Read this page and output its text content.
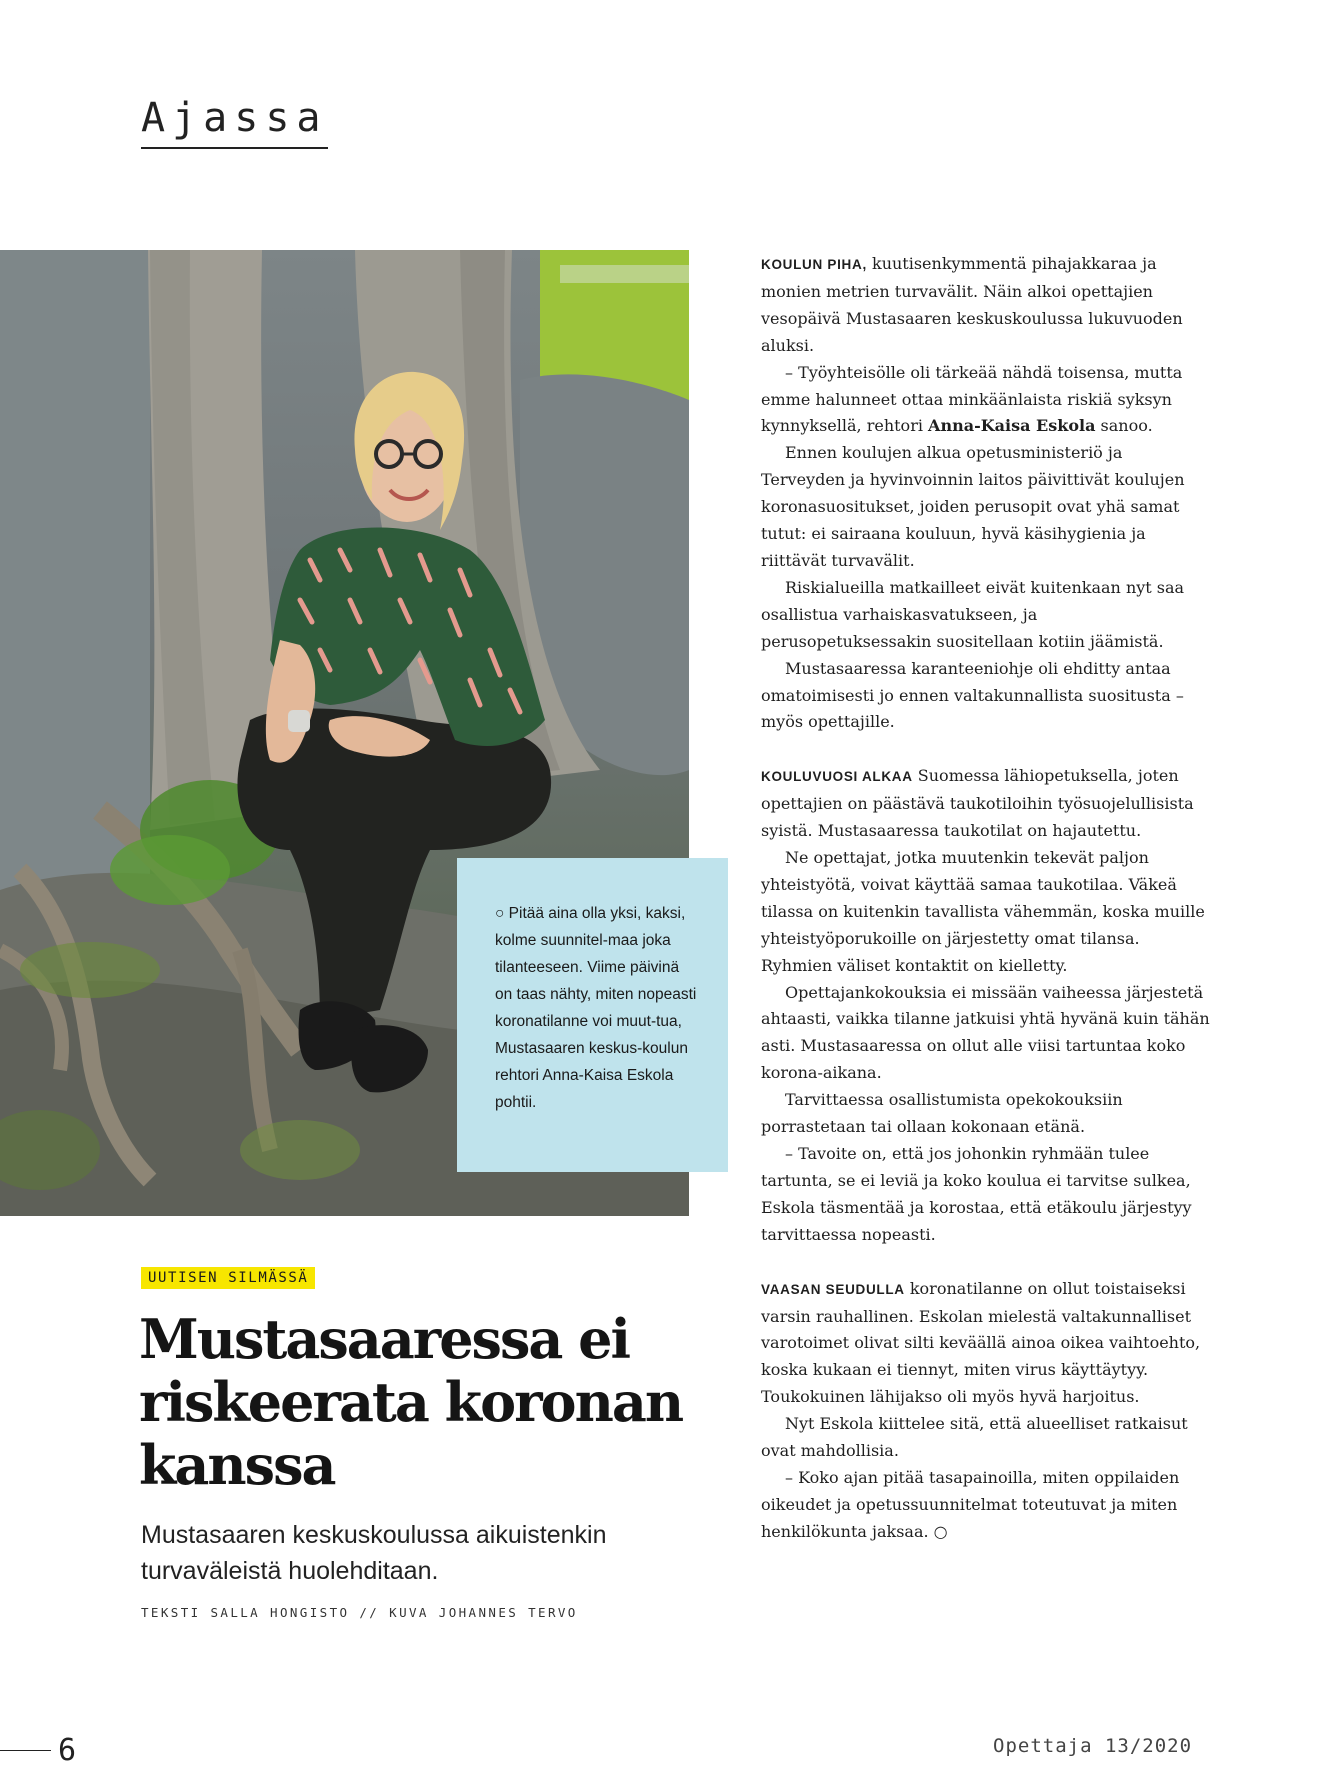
Ajassa
○ Pitää aina olla yksi, kaksi, kolme suunnitel-maa joka tilanteeseen. Viime päivinä on taas nähty, miten nopeasti koronatilanne voi muut-tua, Mustasaaren keskus-koulun rehtori Anna-Kaisa Eskola pohtii.
UUTISEN SILMÄSSÄ
Mustasaaressa ei riskeerata koronan kanssa
Mustasaaren keskuskoulussa aikuistenkin turvaväleistä huolehditaan.
TEKSTI SALLA HONGISTO // KUVA JOHANNES TERVO

KOULUN PIHA, kuutisenkymmentä pihajakkaraa ja monien metrien turvavälit. Näin alkoi opettajien vesopäivä Mustasaaren keskuskoulussa lukuvuoden aluksi.

– Työyhteisölle oli tärkeää nähdä toisensa, mutta emme halunneet ottaa minkäänlaista riskiä syksyn kynnyksellä, rehtori Anna-Kaisa Eskola sanoo.

Ennen koulujen alkua opetusministeriö ja Terveyden ja hyvinvoinnin laitos päivittivät koulujen koronasuositukset, joiden perusopit ovat yhä samat tutut: ei sairaana kouluun, hyvä käsihygienia ja riittävät turvavälit.

Riskialueilla matkailleet eivät kuitenkaan nyt saa osallistua varhaiskasvatukseen, ja perusopetuksessakin suositellaan kotiin jäämistä.

Mustasaaressa karanteeniohje oli ehditty antaa omatoimisesti jo ennen valtakunnallista suositusta – myös opettajille.

KOULUVUOSI ALKAA Suomessa lähiopetuksella, joten opettajien on päästävä taukotiloihin työsuojelullisista syistä. Mustasaaressa taukotilat on hajautettu.

Ne opettajat, jotka muutenkin tekevät paljon yhteistyötä, voivat käyttää samaa taukotilaa. Väkeä tilassa on kuitenkin tavallista vähemmän, koska muille yhteistyöporukoille on järjestetty omat tilansa. Ryhmien väliset kontaktit on kielletty.

Opettajankokouksia ei missään vaiheessa järjestetä ahtaasti, vaikka tilanne jatkuisi yhtä hyvänä kuin tähän asti. Mustasaaressa on ollut alle viisi tartuntaa koko korona-aikana.

Tarvittaessa osallistumista opekokouksiin porrastetaan tai ollaan kokonaan etänä.

– Tavoite on, että jos johonkin ryhmään tulee tartunta, se ei leviä ja koko koulua ei tarvitse sulkea, Eskola täsmentää ja korostaa, että etäkoulu järjestyy tarvittaessa nopeasti.

VAASAN SEUDULLA koronatilanne on ollut toistaiseksi varsin rauhallinen. Eskolan mielestä valtakunnalliset varotoimet olivat silti keväällä ainoa oikea vaihtoehto, koska kukaan ei tiennyt, miten virus käyttäytyy. Toukokuinen lähijakso oli myös hyvä harjoitus.

Nyt Eskola kiittelee sitä, että alueelliset ratkaisut ovat mahdollisia.

– Koko ajan pitää tasapainoilla, miten oppilaiden oikeudet ja opetussuunnitelmat toteutuvat ja miten henkilökunta jaksaa. ○

6	Opettaja 13/2020
